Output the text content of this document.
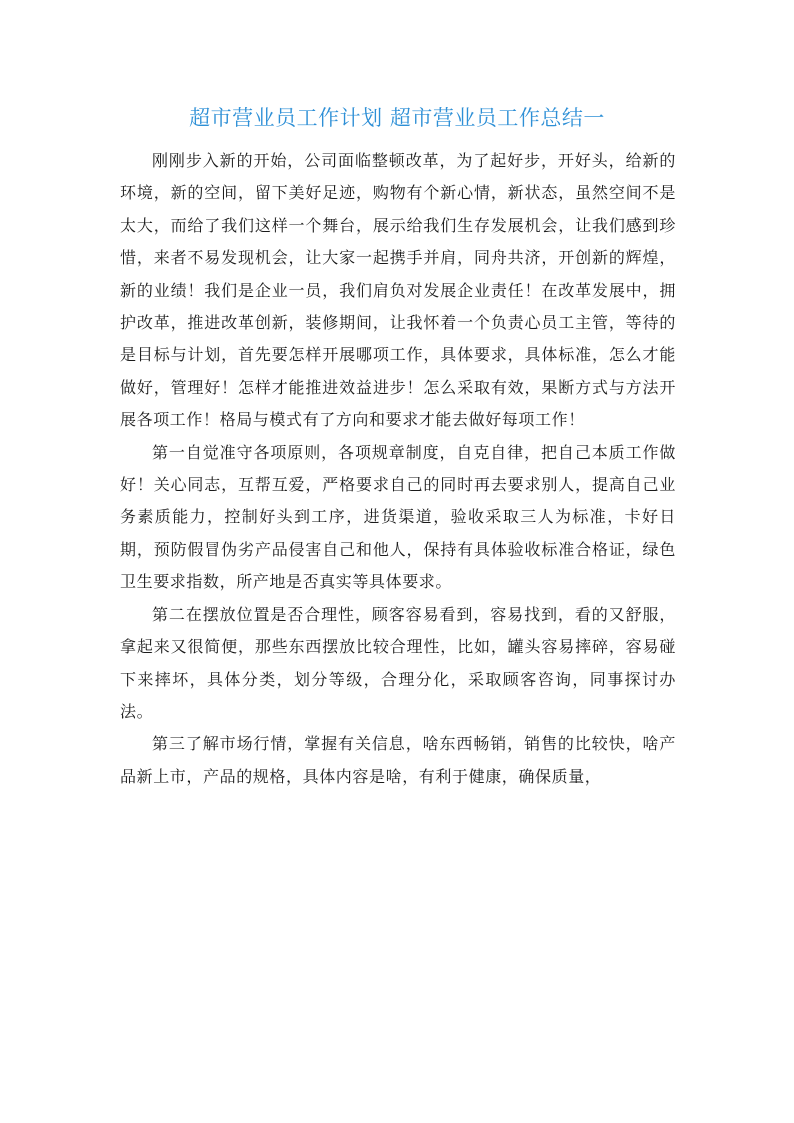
超市营业员工作计划 超市营业员工作总结一

刚刚步入新的开始，公司面临整顿改革，为了起好步，开好头，给新的环境，新的空间，留下美好足迹，购物有个新心情，新状态，虽然空间不是太大，而给了我们这样一个舞台，展示给我们生存发展机会，让我们感到珍惜，来者不易发现机会，让大家一起携手并肩，同舟共济，开创新的辉煌，新的业绩！我们是企业一员，我们肩负对发展企业责任！在改革发展中，拥护改革，推进改革创新，装修期间，让我怀着一个负责心员工主管，等待的是目标与计划，首先要怎样开展哪项工作，具体要求，具体标准，怎么才能做好，管理好！怎样才能推进效益进步！怎么采取有效，果断方式与方法开展各项工作！格局与模式有了方向和要求才能去做好每项工作！

第一自觉准守各项原则，各项规章制度，自克自律，把自己本质工作做好！关心同志，互帮互爱，严格要求自己的同时再去要求别人，提高自己业务素质能力，控制好头到工序，进货渠道，验收采取三人为标准，卡好日期，预防假冒伪劣产品侵害自己和他人，保持有具体验收标准合格证，绿色卫生要求指数，所产地是否真实等具体要求。

第二在摆放位置是否合理性，顾客容易看到，容易找到，看的又舒服，拿起来又很简便，那些东西摆放比较合理性，比如，罐头容易摔碎，容易碰下来摔坏，具体分类，划分等级，合理分化，采取顾客咨询，同事探讨办法。

第三了解市场行情，掌握有关信息，啥东西畅销，销售的比较快，啥产品新上市，产品的规格，具体内容是啥，有利于健康，确保质量，
